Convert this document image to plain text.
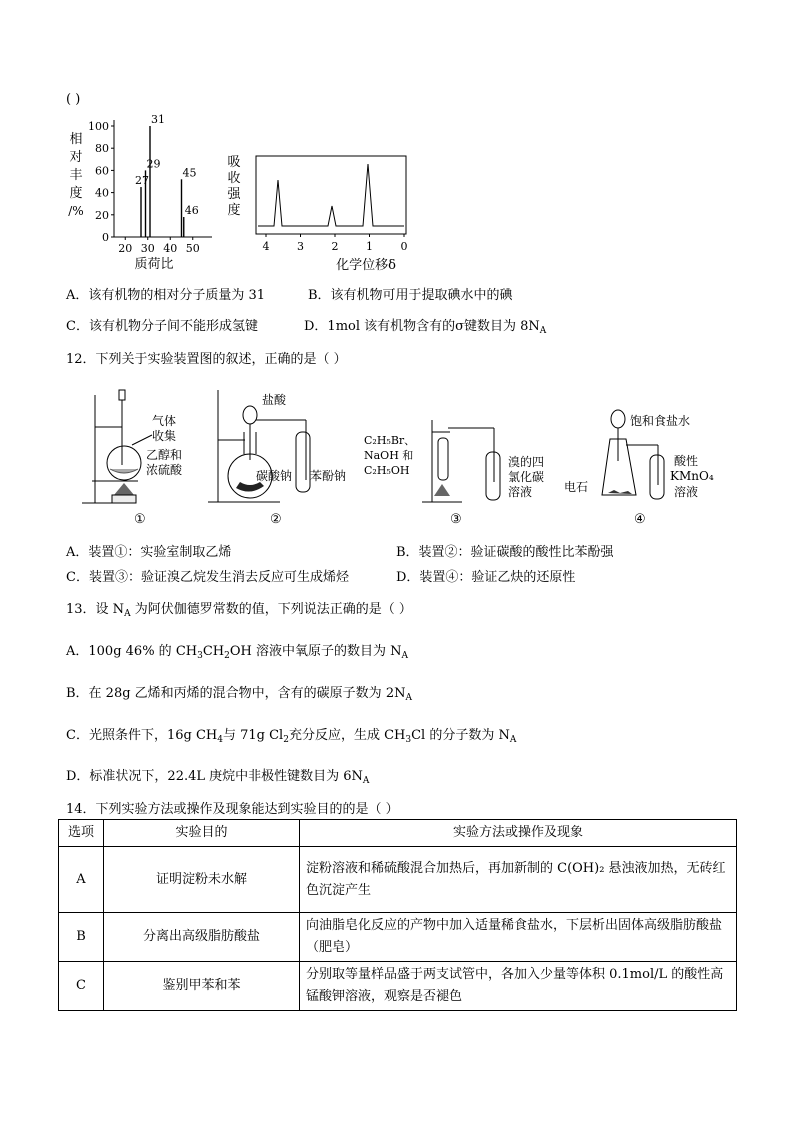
( )
相
对
丰
度
/%
100
80
60
40
20
0
20 30 40 50
27
29
31
45
46
质荷比
吸
收
强
度
4	3	2	1	0
化学位移δ
A．该有机物的相对分子质量为 31	B．该有机物可用于提取碘水中的碘
C．该有机物分子间不能形成氢键	D．1mol 该有机物含有的σ键数目为 $8N_A$
12．下列关于实验装置图的叙述，正确的是（ ）
气体
收集
乙醇和
浓硫酸
①
盐酸
碳酸钠 苯酚钠
②
C₂H₅Br、
NaOH 和
C₂H₅OH
溴的四
氯化碳
溶液
③
饱和食盐水
电石
酸性
KMnO₄
溶液
④
A．装置①：实验室制取乙烯	B．装置②：验证碳酸的酸性比苯酚强
C．装置③：验证溴乙烷发生消去反应可生成烯烃	D．装置④：验证乙炔的还原性
13．设 $N_A$ 为阿伏伽德罗常数的值，下列说法正确的是（ ）
A．100g 46% 的 $CH_3CH_2OH$ 溶液中氧原子的数目为 $N_A$
B．在 28g 乙烯和丙烯的混合物中，含有的碳原子数为 $2N_A$
C．光照条件下，16g $CH_4$与 71g $Cl_2$充分反应，生成 $CH_3Cl$ 的分子数为 $N_A$
D．标准状况下，22.4L 庚烷中非极性键数目为 $6N_A$
14．下列实验方法或操作及现象能达到实验目的的是（ ）
选项	实验目的	实验方法或操作及现象
A	证明淀粉未水解	淀粉溶液和稀硫酸混合加热后，再加新制的 C(OH)₂ 悬浊液加热，无砖红色沉淀产生
B	分离出高级脂肪酸盐	向油脂皂化反应的产物中加入适量稀食盐水，下层析出固体高级脂肪酸盐（肥皂）
C	鉴别甲苯和苯	分别取等量样品盛于两支试管中，各加入少量等体积 0.1mol/L 的酸性高锰酸钾溶液，观察是否褪色
